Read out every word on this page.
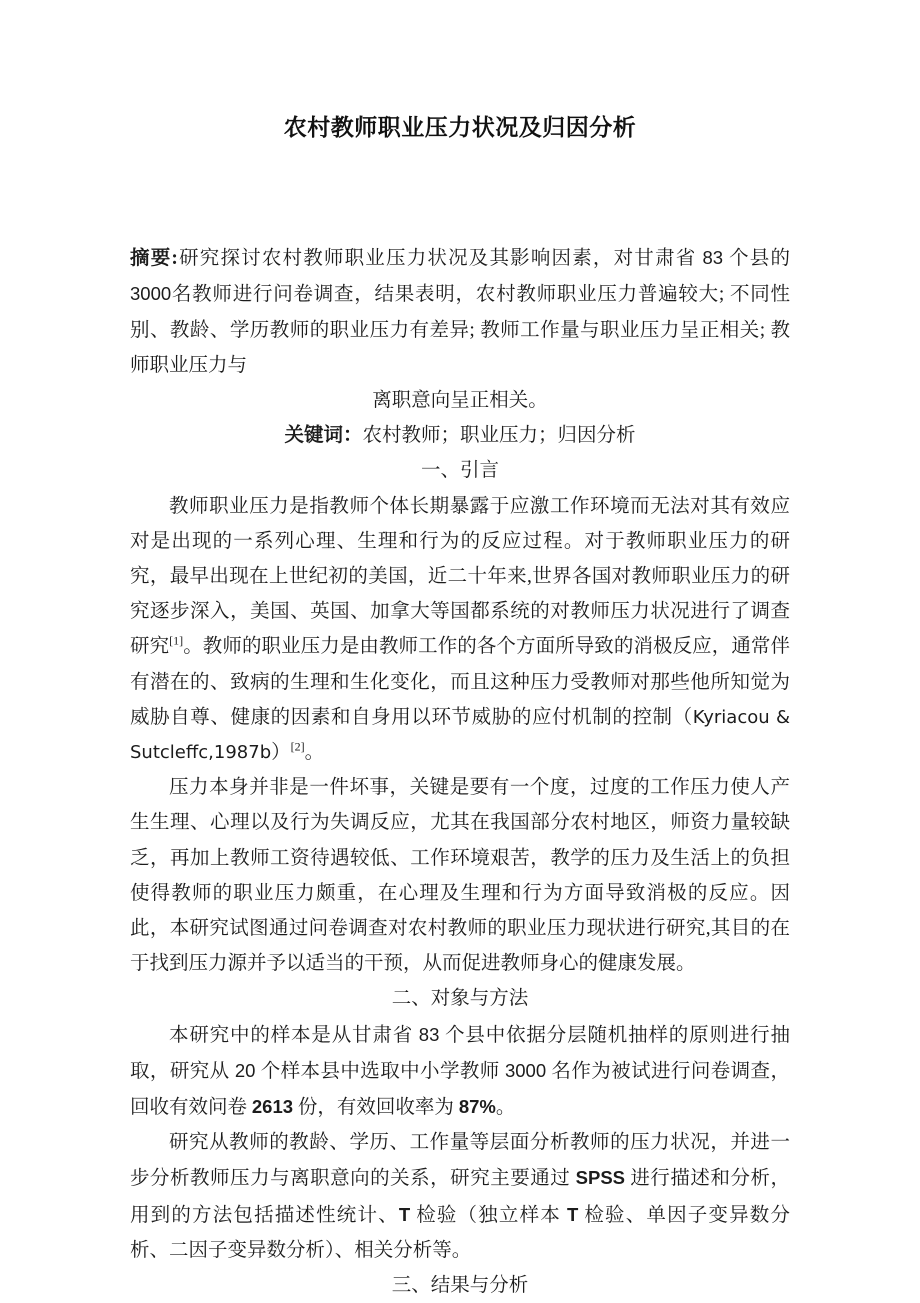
农村教师职业压力状况及归因分析

摘要:研究探讨农村教师职业压力状况及其影响因素，对甘肃省 83 个县的 3000名教师进行问卷调查，结果表明，农村教师职业压力普遍较大; 不同性别、教龄、学历教师的职业压力有差异; 教师工作量与职业压力呈正相关; 教师职业压力与

离职意向呈正相关。

关键词：农村教师；职业压力；归因分析

一、引言

教师职业压力是指教师个体长期暴露于应激工作环境而无法对其有效应对是出现的一系列心理、生理和行为的反应过程。对于教师职业压力的研究，最早出现在上世纪初的美国，近二十年来,世界各国对教师职业压力的研究逐步深入，美国、英国、加拿大等国都系统的对教师压力状况进行了调查研究[1]。教师的职业压力是由教师工作的各个方面所导致的消极反应，通常伴有潜在的、致病的生理和生化变化，而且这种压力受教师对那些他所知觉为威胁自尊、健康的因素和自身用以环节威胁的应付机制的控制（Kyriacou & Sutcleffc,1987b）[2]。

压力本身并非是一件坏事，关键是要有一个度，过度的工作压力使人产生生理、心理以及行为失调反应，尤其在我国部分农村地区，师资力量较缺乏，再加上教师工资待遇较低、工作环境艰苦，教学的压力及生活上的负担使得教师的职业压力颇重，在心理及生理和行为方面导致消极的反应。因此，本研究试图通过问卷调查对农村教师的职业压力现状进行研究,其目的在于找到压力源并予以适当的干预，从而促进教师身心的健康发展。

二、对象与方法

本研究中的样本是从甘肃省 83 个县中依据分层随机抽样的原则进行抽取，研究从 20 个样本县中选取中小学教师 3000 名作为被试进行问卷调查，回收有效问卷 2613 份，有效回收率为 87%。

研究从教师的教龄、学历、工作量等层面分析教师的压力状况，并进一步分析教师压力与离职意向的关系，研究主要通过 SPSS 进行描述和分析，用到的方法包括描述性统计、T 检验（独立样本 T 检验、单因子变异数分析、二因子变异数分析）、相关分析等。

三、结果与分析
